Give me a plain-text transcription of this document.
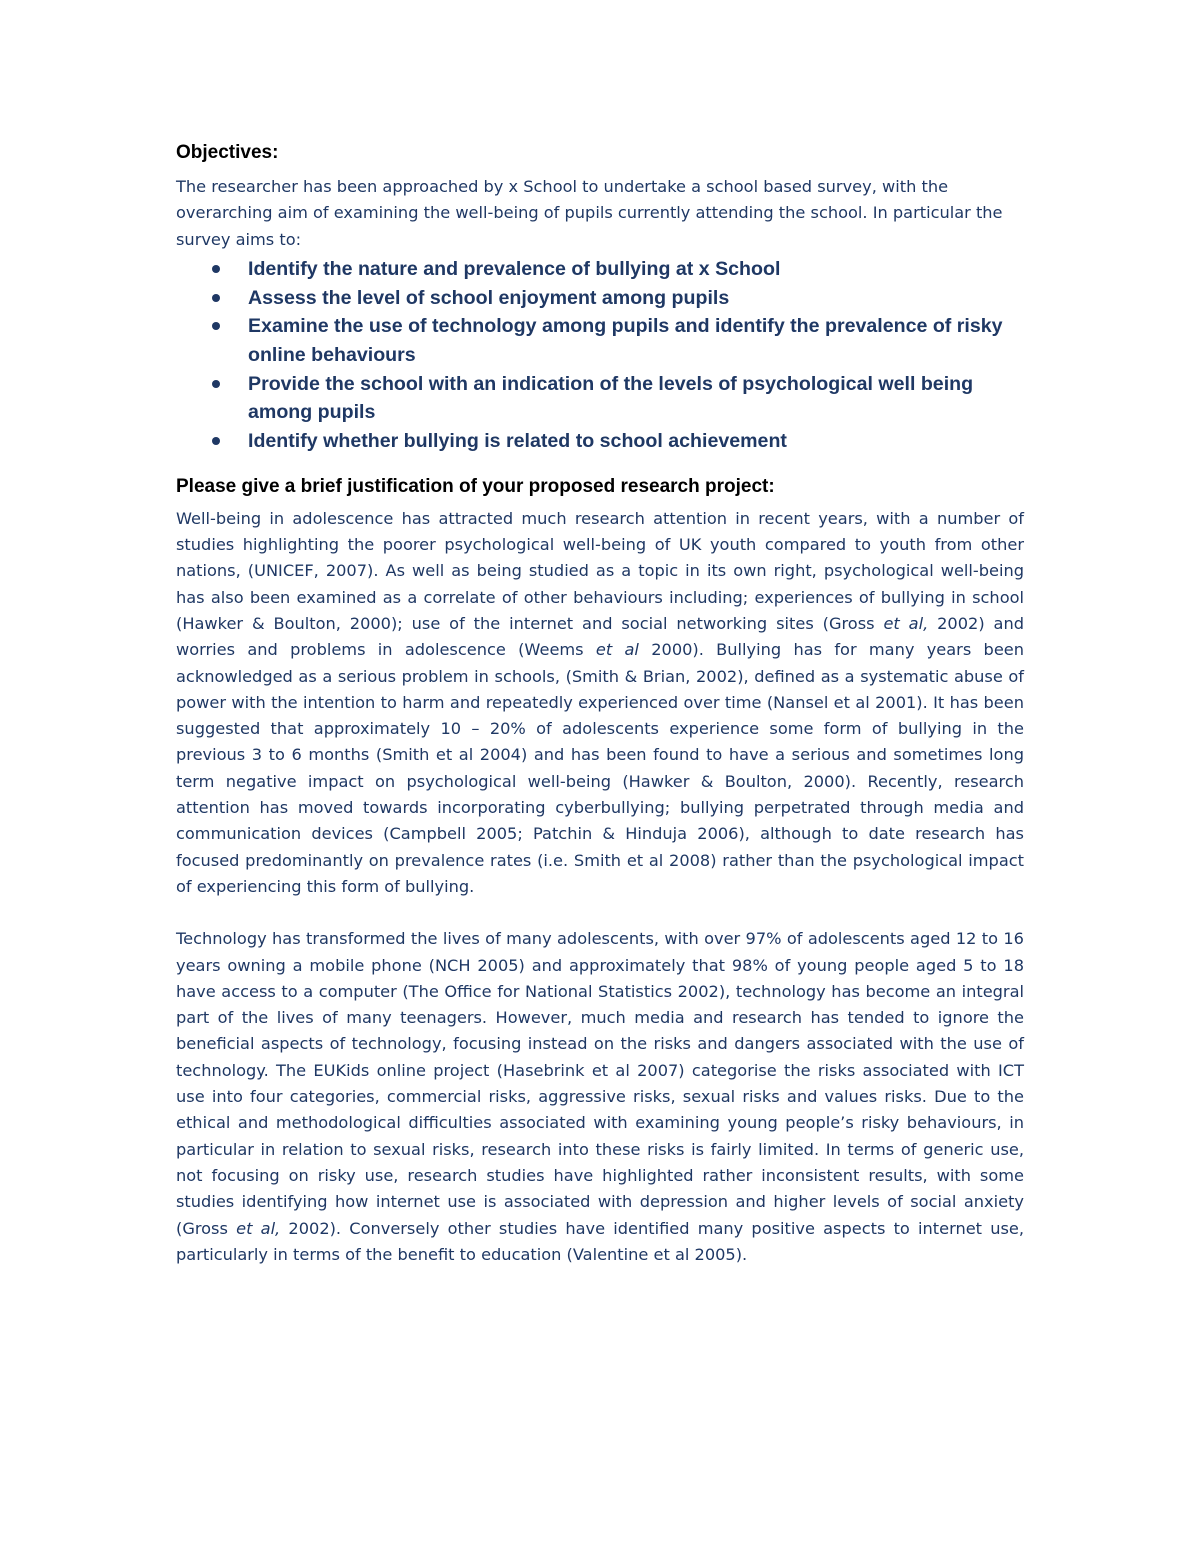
Objectives:

The researcher has been approached by x School to undertake a school based survey, with the overarching aim of examining the well-being of pupils currently attending the school. In particular the survey aims to:

Identify the nature and prevalence of bullying at x School
Assess the level of school enjoyment among pupils
Examine the use of technology among pupils and identify the prevalence of risky online behaviours
Provide the school with an indication of the levels of psychological well being among pupils
Identify whether bullying is related to school achievement
Please give a brief justification of your proposed research project:

Well-being in adolescence has attracted much research attention in recent years, with a number of studies highlighting the poorer psychological well-being of UK youth compared to youth from other nations, (UNICEF, 2007). As well as being studied as a topic in its own right, psychological well-being has also been examined as a correlate of other behaviours including; experiences of bullying in school (Hawker & Boulton, 2000); use of the internet and social networking sites (Gross et al, 2002) and worries and problems in adolescence (Weems et al 2000). Bullying has for many years been acknowledged as a serious problem in schools, (Smith & Brian, 2002), defined as a systematic abuse of power with the intention to harm and repeatedly experienced over time (Nansel et al 2001). It has been suggested that approximately 10 – 20% of adolescents experience some form of bullying in the previous 3 to 6 months (Smith et al 2004) and has been found to have a serious and sometimes long term negative impact on psychological well-being (Hawker & Boulton, 2000). Recently, research attention has moved towards incorporating cyberbullying; bullying perpetrated through media and communication devices (Campbell 2005; Patchin & Hinduja 2006), although to date research has focused predominantly on prevalence rates (i.e. Smith et al 2008) rather than the psychological impact of experiencing this form of bullying.

Technology has transformed the lives of many adolescents, with over 97% of adolescents aged 12 to 16 years owning a mobile phone (NCH 2005) and approximately that 98% of young people aged 5 to 18 have access to a computer (The Office for National Statistics 2002), technology has become an integral part of the lives of many teenagers. However, much media and research has tended to ignore the beneficial aspects of technology, focusing instead on the risks and dangers associated with the use of technology. The EUKids online project (Hasebrink et al 2007) categorise the risks associated with ICT use into four categories, commercial risks, aggressive risks, sexual risks and values risks. Due to the ethical and methodological difficulties associated with examining young people’s risky behaviours, in particular in relation to sexual risks, research into these risks is fairly limited. In terms of generic use, not focusing on risky use, research studies have highlighted rather inconsistent results, with some studies identifying how internet use is associated with depression and higher levels of social anxiety (Gross et al, 2002). Conversely other studies have identified many positive aspects to internet use, particularly in terms of the benefit to education (Valentine et al 2005).
